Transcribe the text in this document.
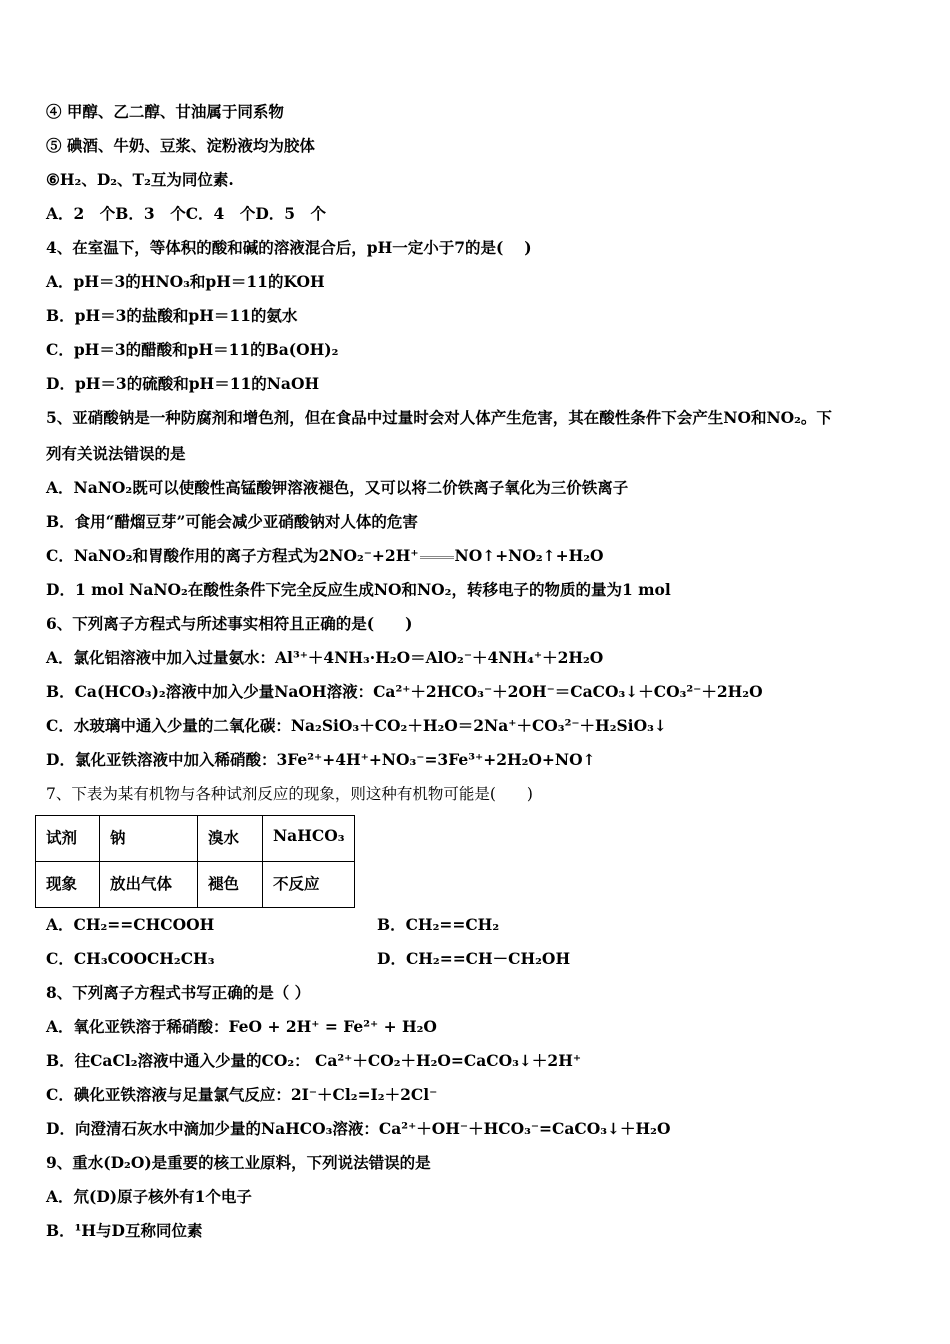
④ 甲醇、乙二醇、甘油属于同系物
⑤ 碘酒、牛奶、豆浆、淀粉液均为胶体
⑥H₂、D₂、T₂互为同位素.
A．2　个B．3　个C．4　个D．5　个
4、在室温下，等体积的酸和碱的溶液混合后，pH一定小于7的是(　 )
A．pH＝3的HNO₃和pH＝11的KOH
B．pH＝3的盐酸和pH＝11的氨水
C．pH＝3的醋酸和pH＝11的Ba(OH)₂
D．pH＝3的硫酸和pH＝11的NaOH
5、亚硝酸钠是一种防腐剂和增色剂，但在食品中过量时会对人体产生危害，其在酸性条件下会产生NO和NO₂。下
列有关说法错误的是
A．NaNO₂既可以使酸性高锰酸钾溶液褪色，又可以将二价铁离子氧化为三价铁离子
B．食用“醋熘豆芽”可能会减少亚硝酸钠对人体的危害
C．NaNO₂和胃酸作用的离子方程式为2NO₂⁻+2H⁺ NO↑+NO₂↑+H₂O
D．1 mol NaNO₂在酸性条件下完全反应生成NO和NO₂，转移电子的物质的量为1 mol
6、下列离子方程式与所述事实相符且正确的是(　　)
A．氯化铝溶液中加入过量氨水：Al³⁺＋4NH₃·H₂O＝AlO₂⁻＋4NH₄⁺＋2H₂O
B．Ca(HCO₃)₂溶液中加入少量NaOH溶液：Ca²⁺＋2HCO₃⁻＋2OH⁻＝CaCO₃↓＋CO₃²⁻＋2H₂O
C．水玻璃中通入少量的二氧化碳：Na₂SiO₃＋CO₂＋H₂O＝2Na⁺＋CO₃²⁻＋H₂SiO₃↓
D．氯化亚铁溶液中加入稀硝酸：3Fe²⁺+4H⁺+NO₃⁻=3Fe³⁺+2H₂O+NO↑
7、下表为某有机物与各种试剂反应的现象，则这种有机物可能是(　　)
试剂	钠	溴水	NaHCO₃
现象	放出气体	褪色	不反应
A．CH₂==CHCOOH	B．CH₂==CH₂
C．CH₃COOCH₂CH₃	D．CH₂==CH－CH₂OH
8、下列离子方程式书写正确的是（ ）
A．氧化亚铁溶于稀硝酸：FeO + 2H⁺ = Fe²⁺ + H₂O
B．往CaCl₂溶液中通入少量的CO₂： Ca²⁺＋CO₂＋H₂O=CaCO₃↓＋2H⁺
C．碘化亚铁溶液与足量氯气反应：2I⁻＋Cl₂=I₂＋2Cl⁻
D．向澄清石灰水中滴加少量的NaHCO₃溶液：Ca²⁺＋OH⁻＋HCO₃⁻=CaCO₃↓＋H₂O
9、重水(D₂O)是重要的核工业原料，下列说法错误的是
A．氘(D)原子核外有1个电子
B．¹H与D互称同位素
